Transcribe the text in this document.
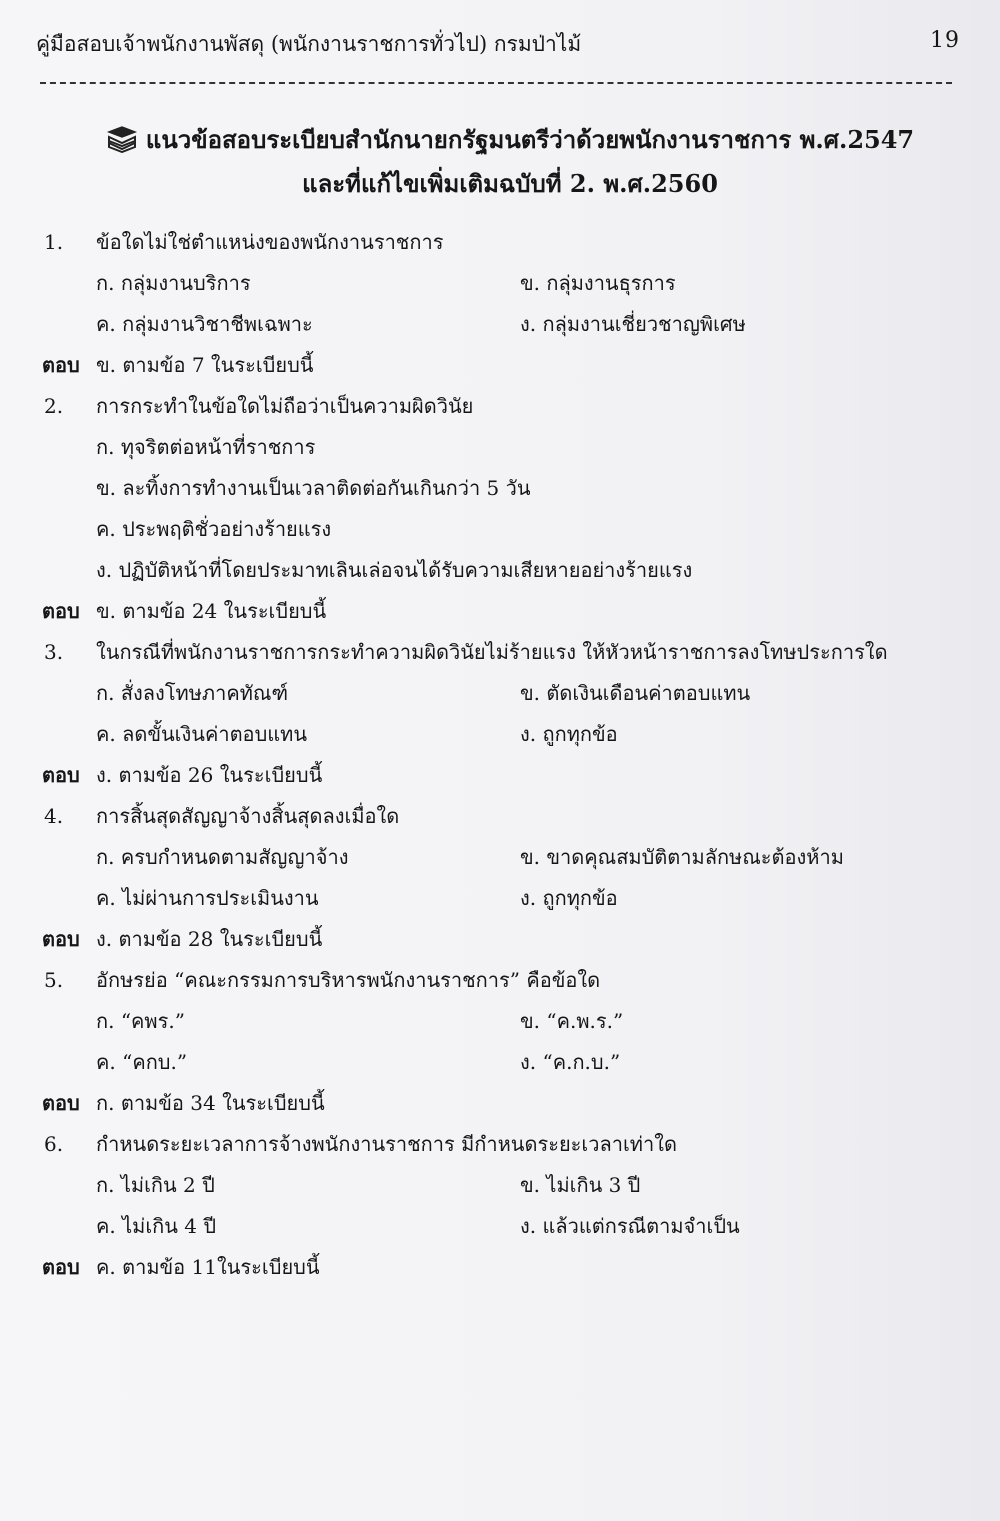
คู่มือสอบเจ้าพนักงานพัสดุ (พนักงานราชการทั่วไป) กรมป่าไม้	19
แนวข้อสอบระเบียบสำนักนายกรัฐมนตรีว่าด้วยพนักงานราชการ พ.ศ.2547
และที่แก้ไขเพิ่มเติมฉบับที่ 2. พ.ศ.2560
1. ข้อใดไม่ใช่ตำแหน่งของพนักงานราชการ
ก. กลุ่มงานบริการ	ข. กลุ่มงานธุรการ
ค. กลุ่มงานวิชาชีพเฉพาะ	ง. กลุ่มงานเชี่ยวชาญพิเศษ
ตอบ ข. ตามข้อ 7 ในระเบียบนี้
2. การกระทำในข้อใดไม่ถือว่าเป็นความผิดวินัย
ก. ทุจริตต่อหน้าที่ราชการ
ข. ละทิ้งการทำงานเป็นเวลาติดต่อกันเกินกว่า 5 วัน
ค. ประพฤติชั่วอย่างร้ายแรง
ง. ปฏิบัติหน้าที่โดยประมาทเลินเล่อจนได้รับความเสียหายอย่างร้ายแรง
ตอบ ข. ตามข้อ 24 ในระเบียบนี้
3. ในกรณีที่พนักงานราชการกระทำความผิดวินัยไม่ร้ายแรง ให้หัวหน้าราชการลงโทษประการใด
ก. สั่งลงโทษภาคทัณฑ์	ข. ตัดเงินเดือนค่าตอบแทน
ค. ลดขั้นเงินค่าตอบแทน	ง. ถูกทุกข้อ
ตอบ ง. ตามข้อ 26 ในระเบียบนี้
4. การสิ้นสุดสัญญาจ้างสิ้นสุดลงเมื่อใด
ก. ครบกำหนดตามสัญญาจ้าง	ข. ขาดคุณสมบัติตามลักษณะต้องห้าม
ค. ไม่ผ่านการประเมินงาน	ง. ถูกทุกข้อ
ตอบ ง. ตามข้อ 28 ในระเบียบนี้
5. อักษรย่อ “คณะกรรมการบริหารพนักงานราชการ” คือข้อใด
ก. “คพร.”	ข. “ค.พ.ร.”
ค. “คกบ.”	ง. “ค.ก.บ.”
ตอบ ก. ตามข้อ 34 ในระเบียบนี้
6. กำหนดระยะเวลาการจ้างพนักงานราชการ มีกำหนดระยะเวลาเท่าใด
ก. ไม่เกิน 2 ปี	ข. ไม่เกิน 3 ปี
ค. ไม่เกิน 4 ปี	ง. แล้วแต่กรณีตามจำเป็น
ตอบ ค. ตามข้อ 11ในระเบียบนี้
